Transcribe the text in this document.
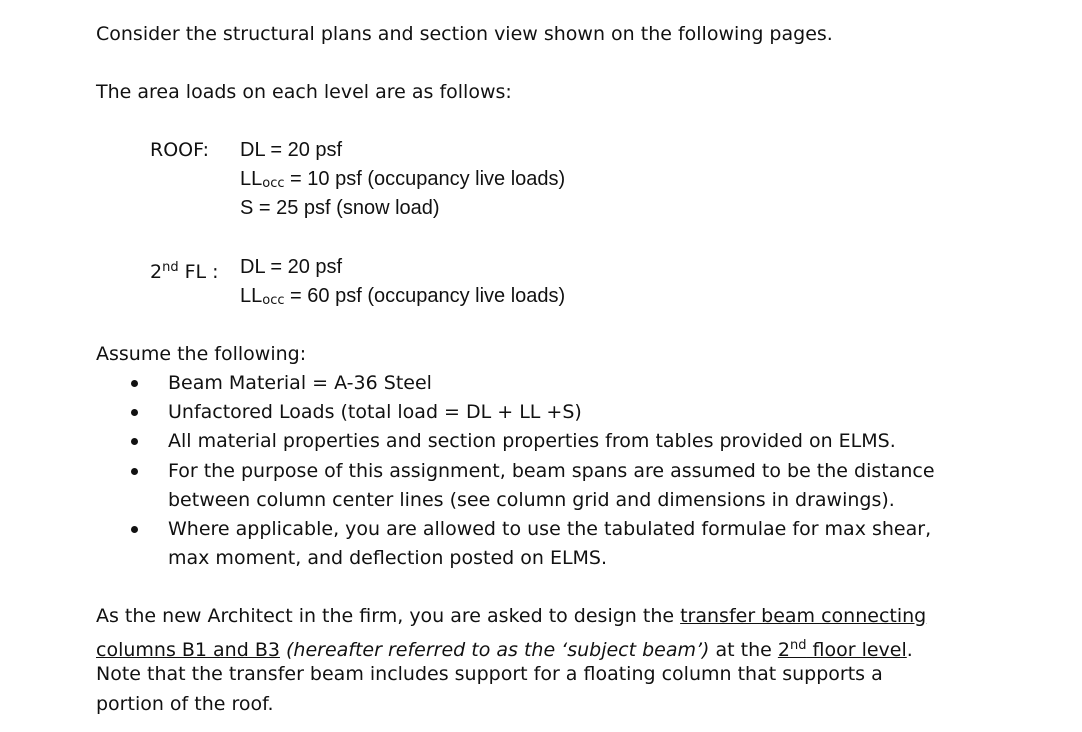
Consider the structural plans and section view shown on the following pages.
The area loads on each level are as follows:
ROOF: DL = 20 psf
LLocc = 10 psf (occupancy live loads)
S = 25 psf (snow load)
2nd FL : DL = 20 psf
LLocc = 60 psf (occupancy live loads)
Assume the following:
Beam Material = A-36 Steel
Unfactored Loads (total load = DL + LL +S)
All material properties and section properties from tables provided on ELMS.
For the purpose of this assignment, beam spans are assumed to be the distance
between column center lines (see column grid and dimensions in drawings).
Where applicable, you are allowed to use the tabulated formulae for max shear,
max moment, and deflection posted on ELMS.
As the new Architect in the firm, you are asked to design the transfer beam connecting
columns B1 and B3 (hereafter referred to as the ‘subject beam’) at the 2nd floor level.
Note that the transfer beam includes support for a floating column that supports a
portion of the roof.
